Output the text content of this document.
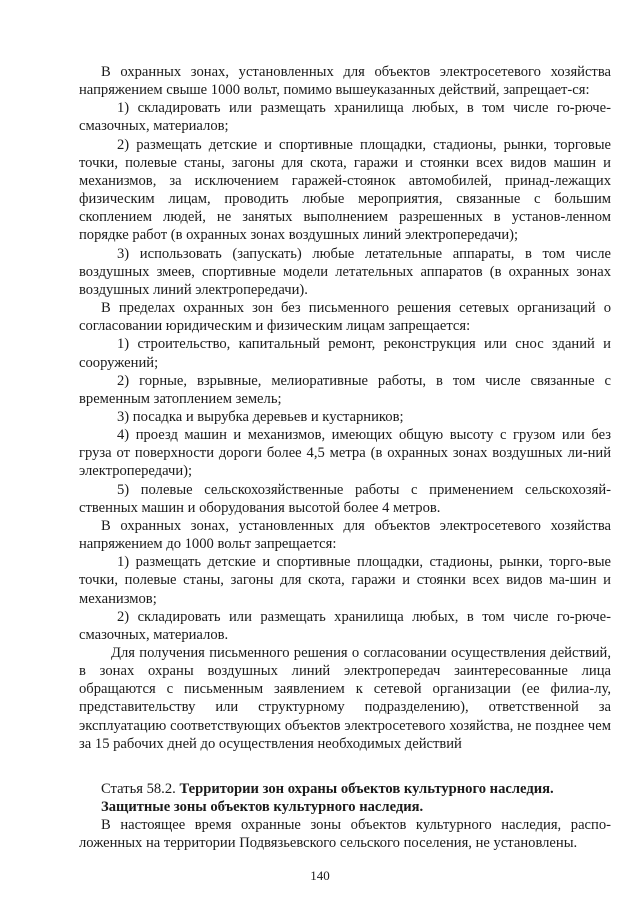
В охранных зонах, установленных для объектов электросетевого хозяйства напряжением свыше 1000 вольт, помимо вышеуказанных действий, запрещает-ся:

1) складировать или размещать хранилища любых, в том числе го-рюче-смазочных, материалов;

2) размещать детские и спортивные площадки, стадионы, рынки, торговые точки, полевые станы, загоны для скота, гаражи и стоянки всех видов машин и механизмов, за исключением гаражей-стоянок автомобилей, принад-лежащих физическим лицам, проводить любые мероприятия, связанные с большим скоплением людей, не занятых выполнением разрешенных в установ-ленном порядке работ (в охранных зонах воздушных линий электропередачи);

3) использовать (запускать) любые летательные аппараты, в том числе воздушных змеев, спортивные модели летательных аппаратов (в охранных зонах воздушных линий электропередачи).

В пределах охранных зон без письменного решения сетевых организаций о согласовании юридическим и физическим лицам запрещается:

1) строительство, капитальный ремонт, реконструкция или снос зданий и сооружений;

2) горные, взрывные, мелиоративные работы, в том числе связанные с временным затоплением земель;

3) посадка и вырубка деревьев и кустарников;

4) проезд машин и механизмов, имеющих общую высоту с грузом или без груза от поверхности дороги более 4,5 метра (в охранных зонах воздушных ли-ний электропередачи);

5) полевые сельскохозяйственные работы с применением сельскохозяй-ственных машин и оборудования высотой более 4 метров.

В охранных зонах, установленных для объектов электросетевого хозяйства напряжением до 1000 вольт запрещается:

1) размещать детские и спортивные площадки, стадионы, рынки, торго-вые точки, полевые станы, загоны для скота, гаражи и стоянки всех видов ма-шин и механизмов;

2) складировать или размещать хранилища любых, в том числе го-рюче-смазочных, материалов.

Для получения письменного решения о согласовании осуществления действий, в зонах охраны воздушных линий электропередач заинтересованные лица обращаются с письменным заявлением к сетевой организации (ее филиа-лу, представительству или структурному подразделению), ответственной за эксплуатацию соответствующих объектов электросетевого хозяйства, не позднее чем за 15 рабочих дней до осуществления необходимых действий

Статья 58.2. Территории зон охраны объектов культурного наследия.

Защитные зоны объектов культурного наследия.

В настоящее время охранные зоны объектов культурного наследия, распо-ложенных на территории Подвязьевского сельского поселения, не установлены.

140
